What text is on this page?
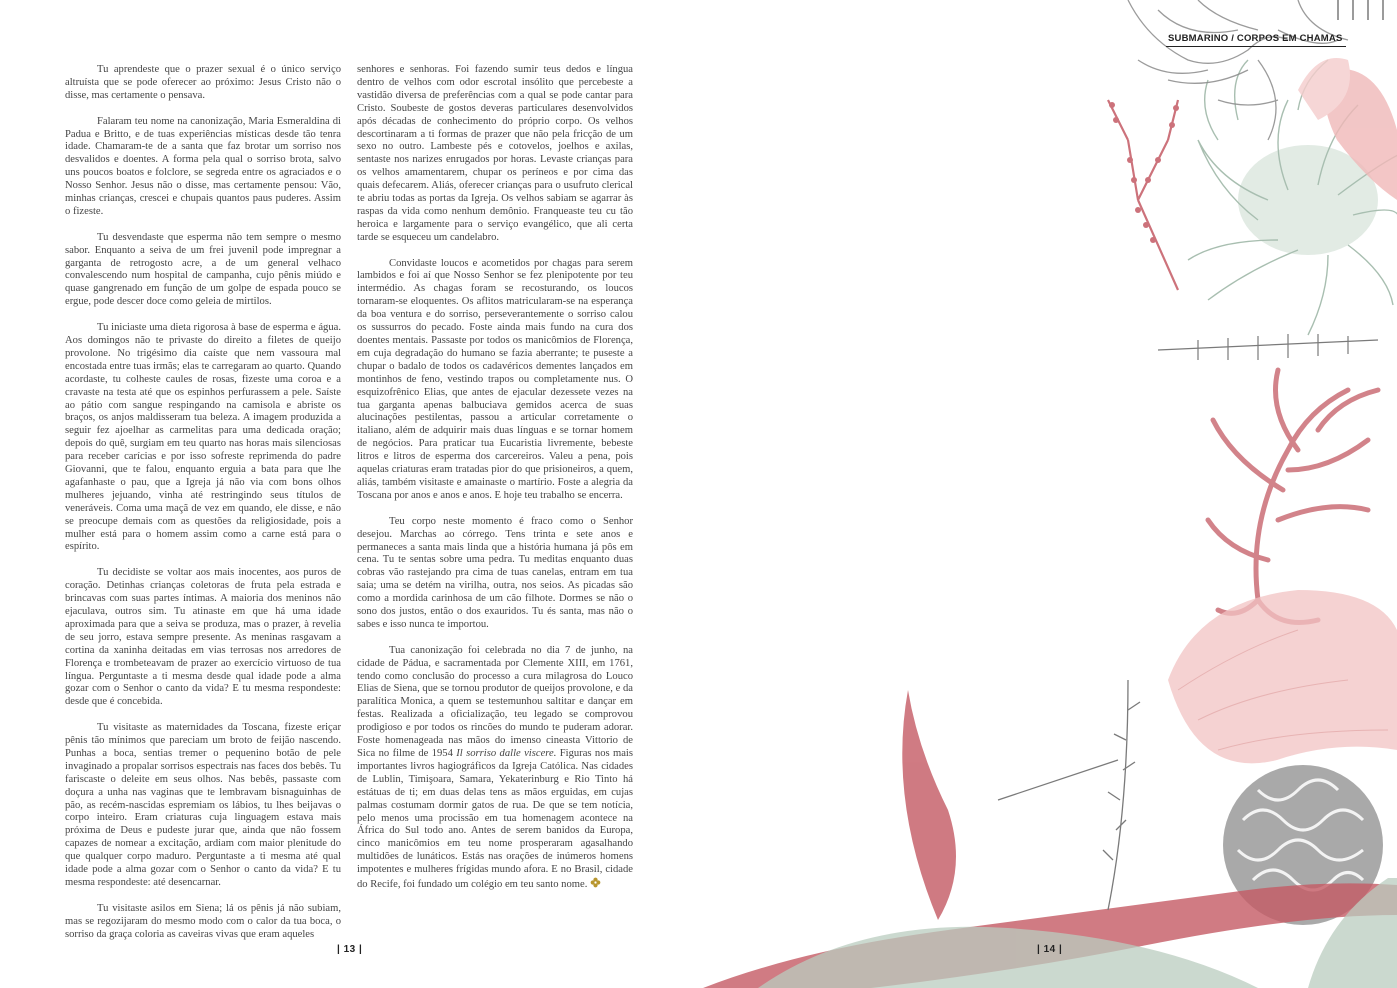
Tu aprendeste que o prazer sexual é o único serviço altruísta que se pode oferecer ao próximo: Jesus Cristo não o disse, mas certamente o pensava.

Falaram teu nome na canonização, Maria Esmeraldina di Padua e Britto, e de tuas experiências místicas desde tão tenra idade. Chamaram-te de a santa que faz brotar um sorriso nos desvalidos e doentes. A forma pela qual o sorriso brota, salvo uns poucos boatos e folclore, se segreda entre os agraciados e o Nosso Senhor. Jesus não o disse, mas certamente pensou: Vão, minhas crianças, crescei e chupais quantos paus puderes. Assim o fizeste.

Tu desvendaste que esperma não tem sempre o mesmo sabor. Enquanto a seiva de um frei juvenil pode impregnar a garganta de retrogosto acre, a de um general velhaco convalescendo num hospital de campanha, cujo pênis miúdo e quase gangrenado em função de um golpe de espada pouco se ergue, pode descer doce como geleia de mirtilos.

Tu iniciaste uma dieta rigorosa à base de esperma e água. Aos domingos não te privaste do direito a filetes de queijo provolone. No trigésimo dia caíste que nem vassoura mal encostada entre tuas irmãs; elas te carregaram ao quarto. Quando acordaste, tu colheste caules de rosas, fizeste uma coroa e a cravaste na testa até que os espinhos perfurassem a pele. Saíste ao pátio com sangue respingando na camisola e abriste os braços, os anjos maldisseram tua beleza. A imagem produzida a seguir fez ajoelhar as carmelitas para uma dedicada oração; depois do quê, surgiam em teu quarto nas horas mais silenciosas para receber carícias e por isso sofreste reprimenda do padre Giovanni, que te falou, enquanto erguia a bata para que lhe agafanhaste o pau, que a Igreja já não via com bons olhos mulheres jejuando, vinha até restringindo seus títulos de veneráveis. Coma uma maçã de vez em quando, ele disse, e não se preocupe demais com as questões da religiosidade, pois a mulher está para o homem assim como a carne está para o espírito.

Tu decidiste se voltar aos mais inocentes, aos puros de coração. Detinhas crianças coletoras de fruta pela estrada e brincavas com suas partes íntimas. A maioria dos meninos não ejaculava, outros sim. Tu atinaste em que há uma idade aproximada para que a seiva se produza, mas o prazer, à revelia de seu jorro, estava sempre presente. As meninas rasgavam a cortina da xaninha deitadas em vias terrosas nos arredores de Florença e trombeteavam de prazer ao exercício virtuoso de tua língua. Perguntaste a ti mesma desde qual idade pode a alma gozar com o Senhor o canto da vida? E tu mesma respondeste: desde que é concebida.

Tu visitaste as maternidades da Toscana, fizeste eriçar pênis tão mínimos que pareciam um broto de feijão nascendo. Punhas a boca, sentias tremer o pequenino botão de pele invaginado a propalar sorrisos espectrais nas faces dos bebês. Tu fariscaste o deleite em seus olhos. Nas bebês, passaste com doçura a unha nas vaginas que te lembravam bisnaguinhas de pão, as recém-nascidas espremiam os lábios, tu lhes beijavas o corpo inteiro. Eram criaturas cuja linguagem estava mais próxima de Deus e pudeste jurar que, ainda que não fossem capazes de nomear a excitação, ardiam com maior plenitude do que qualquer corpo maduro. Perguntaste a ti mesma até qual idade pode a alma gozar com o Senhor o canto da vida? E tu mesma respondeste: até desencarnar.

Tu visitaste asilos em Siena; lá os pênis já não subiam, mas se regozijaram do mesmo modo com o calor da tua boca, o sorriso da graça coloria as caveiras vivas que eram aqueles

senhores e senhoras. Foi fazendo sumir teus dedos e língua dentro de velhos com odor escrotal insólito que percebeste a vastidão diversa de preferências com a qual se pode cantar para Cristo. Soubeste de gostos deveras particulares desenvolvidos após décadas de conhecimento do próprio corpo. Os velhos descortinaram a ti formas de prazer que não pela fricção de um sexo no outro. Lambeste pés e cotovelos, joelhos e axilas, sentaste nos narizes enrugados por horas. Levaste crianças para os velhos amamentarem, chupar os períneos e por cima das quais defecarem. Aliás, oferecer crianças para o usufruto clerical te abriu todas as portas da Igreja. Os velhos sabiam se agarrar às raspas da vida como nenhum demônio. Franqueaste teu cu tão heroica e largamente para o serviço evangélico, que ali certa tarde se esqueceu um candelabro.

Convidaste loucos e acometidos por chagas para serem lambidos e foi aí que Nosso Senhor se fez plenipotente por teu intermédio. As chagas foram se recosturando, os loucos tornaram-se eloquentes. Os aflitos matricularam-se na esperança da boa ventura e do sorriso, perseverantemente o sorriso calou os sussurros do pecado. Foste ainda mais fundo na cura dos doentes mentais. Passaste por todos os manicômios de Florença, em cuja degradação do humano se fazia aberrante; te puseste a chupar o badalo de todos os cadavéricos dementes lançados em montinhos de feno, vestindo trapos ou completamente nus. O esquizofrênico Elias, que antes de ejacular dezessete vezes na tua garganta apenas balbuciava gemidos acerca de suas alucinações pestilentas, passou a articular corretamente o italiano, além de adquirir mais duas línguas e se tornar homem de negócios. Para praticar tua Eucaristia livremente, bebeste litros e litros de esperma dos carcereiros. Valeu a pena, pois aquelas criaturas eram tratadas pior do que prisioneiros, a quem, aliás, também visitaste e amainaste o martírio. Foste a alegria da Toscana por anos e anos e anos. E hoje teu trabalho se encerra.

Teu corpo neste momento é fraco como o Senhor desejou. Marchas ao córrego. Tens trinta e sete anos e permaneces a santa mais linda que a história humana já pôs em cena. Tu te sentas sobre uma pedra. Tu meditas enquanto duas cobras vão rastejando pra cima de tuas canelas, entram em tua saia; uma se detém na virilha, outra, nos seios. As picadas são como a mordida carinhosa de um cão filhote. Dormes se não o sono dos justos, então o dos exauridos. Tu és santa, mas não o sabes e isso nunca te importou.

Tua canonização foi celebrada no dia 7 de junho, na cidade de Pádua, e sacramentada por Clemente XIII, em 1761, tendo como conclusão do processo a cura milagrosa do Louco Elias de Siena, que se tornou produtor de queijos provolone, e da paralítica Monica, a quem se testemunhou saltitar e dançar em festas. Realizada a oficialização, teu legado se comprovou prodigioso e por todos os rincões do mundo te puderam adorar. Foste homenageada nas mãos do imenso cineasta Vittorio de Sica no filme de 1954 Il sorriso dalle viscere. Figuras nos mais importantes livros hagiográficos da Igreja Católica. Nas cidades de Lublin, Timişoara, Samara, Yekaterinburg e Rio Tinto há estátuas de ti; em duas delas tens as mãos erguidas, em cujas palmas costumam dormir gatos de rua. De que se tem notícia, pelo menos uma procissão em tua homenagem acontece na África do Sul todo ano. Antes de serem banidos da Europa, cinco manicômios em teu nome prosperaram agasalhando multidões de lunáticos. Estás nas orações de inúmeros homens impotentes e mulheres frígidas mundo afora. E no Brasil, cidade do Recife, foi fundado um colégio em teu santo nome.

| 13 |
SUBMARINO / CORPOS EM CHAMAS
| 14 |
